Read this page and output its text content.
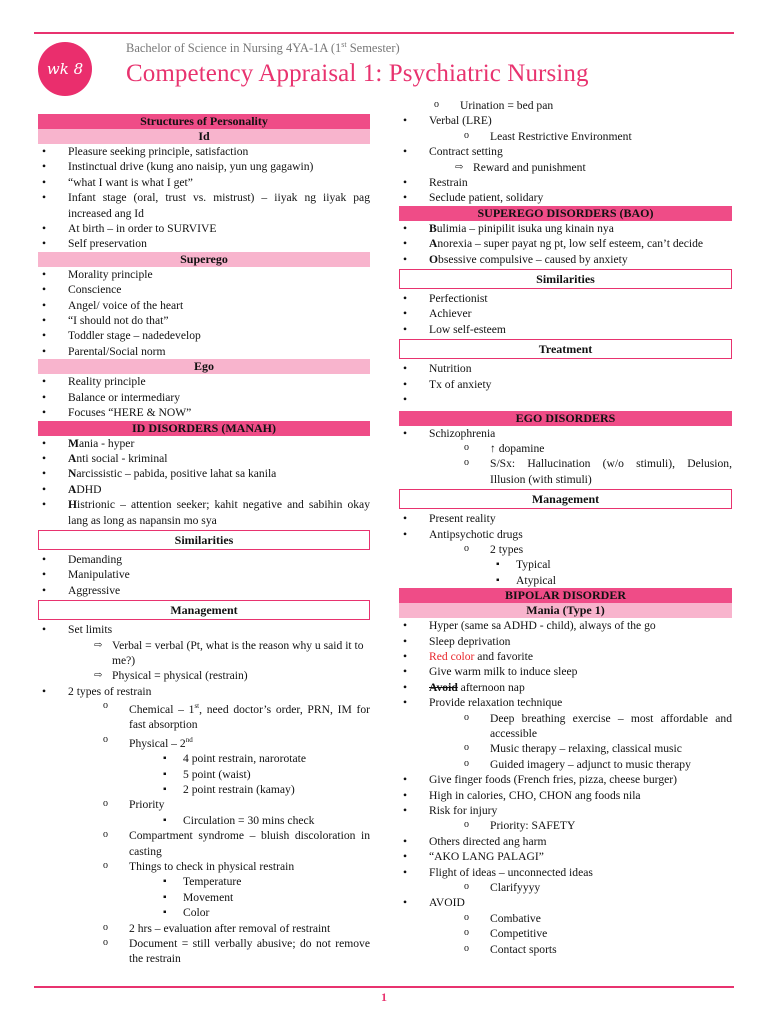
wk 8
Bachelor of Science in Nursing 4YA-1A (1st Semester)
Competency Appraisal 1: Psychiatric Nursing
Structures of Personality
Id
• Pleasure seeking principle, satisfaction
• Instinctual drive (kung ano naisip, yun ung gagawin)
• “what I want is what I get”
• Infant stage (oral, trust vs. mistrust) – iiyak ng iiyak pag increased ang Id
• At birth – in order to SURVIVE
• Self preservation
Superego
• Morality principle
• Conscience
• Angel/ voice of the heart
• “I should not do that”
• Toddler stage – nadedevelop
• Parental/Social norm
Ego
• Reality principle
• Balance or intermediary
• Focuses “HERE & NOW”
ID DISORDERS (MANAH)
• Mania - hyper
• Anti social - kriminal
• Narcissistic – pabida, positive lahat sa kanila
• ADHD
• Histrionic – attention seeker; kahit negative and sabihin okay lang as long as napansin mo sya
Similarities
• Demanding
• Manipulative
• Aggressive
Management
• Set limits
⇨ Verbal = verbal (Pt, what is the reason why u said it to me?)
⇨ Physical = physical (restrain)
• 2 types of restrain
o Chemical – 1st, need doctor’s order, PRN, IM for fast absorption
o Physical – 2nd
▪ 4 point restrain, narorotate
▪ 5 point (waist)
▪ 2 point restrain (kamay)
o Priority
▪ Circulation = 30 mins check
o Compartment syndrome – bluish discoloration in casting
o Things to check in physical restrain
▪ Temperature
▪ Movement
▪ Color
o 2 hrs – evaluation after removal of restraint
o Document = still verbally abusive; do not remove the restrain
o Urination = bed pan
• Verbal (LRE)
o Least Restrictive Environment
• Contract setting
⇨ Reward and punishment
• Restrain
• Seclude patient, solidary
SUPEREGO DISORDERS (BAO)
• Bulimia – pinipilit isuka ung kinain nya
• Anorexia – super payat ng pt, low self esteem, can’t decide
• Obsessive compulsive – caused by anxiety
Similarities
• Perfectionist
• Achiever
• Low self-esteem
Treatment
• Nutrition
• Tx of anxiety
•
EGO DISORDERS
• Schizophrenia
o ↑ dopamine
o S/Sx: Hallucination (w/o stimuli), Delusion, Illusion (with stimuli)
Management
• Present reality
• Antipsychotic drugs
o 2 types
▪ Typical
▪ Atypical
BIPOLAR DISORDER
Mania (Type 1)
• Hyper (same sa ADHD - child), always of the go
• Sleep deprivation
• Red color and favorite
• Give warm milk to induce sleep
• Avoid afternoon nap
• Provide relaxation technique
o Deep breathing exercise – most affordable and accessible
o Music therapy – relaxing, classical music
o Guided imagery – adjunct to music therapy
• Give finger foods (French fries, pizza, cheese burger)
• High in calories, CHO, CHON ang foods nila
• Risk for injury
o Priority: SAFETY
• Others directed ang harm
• “AKO LANG PALAGI”
• Flight of ideas – unconnected ideas
o Clarifyyyy
• AVOID
o Combative
o Competitive
o Contact sports
1
